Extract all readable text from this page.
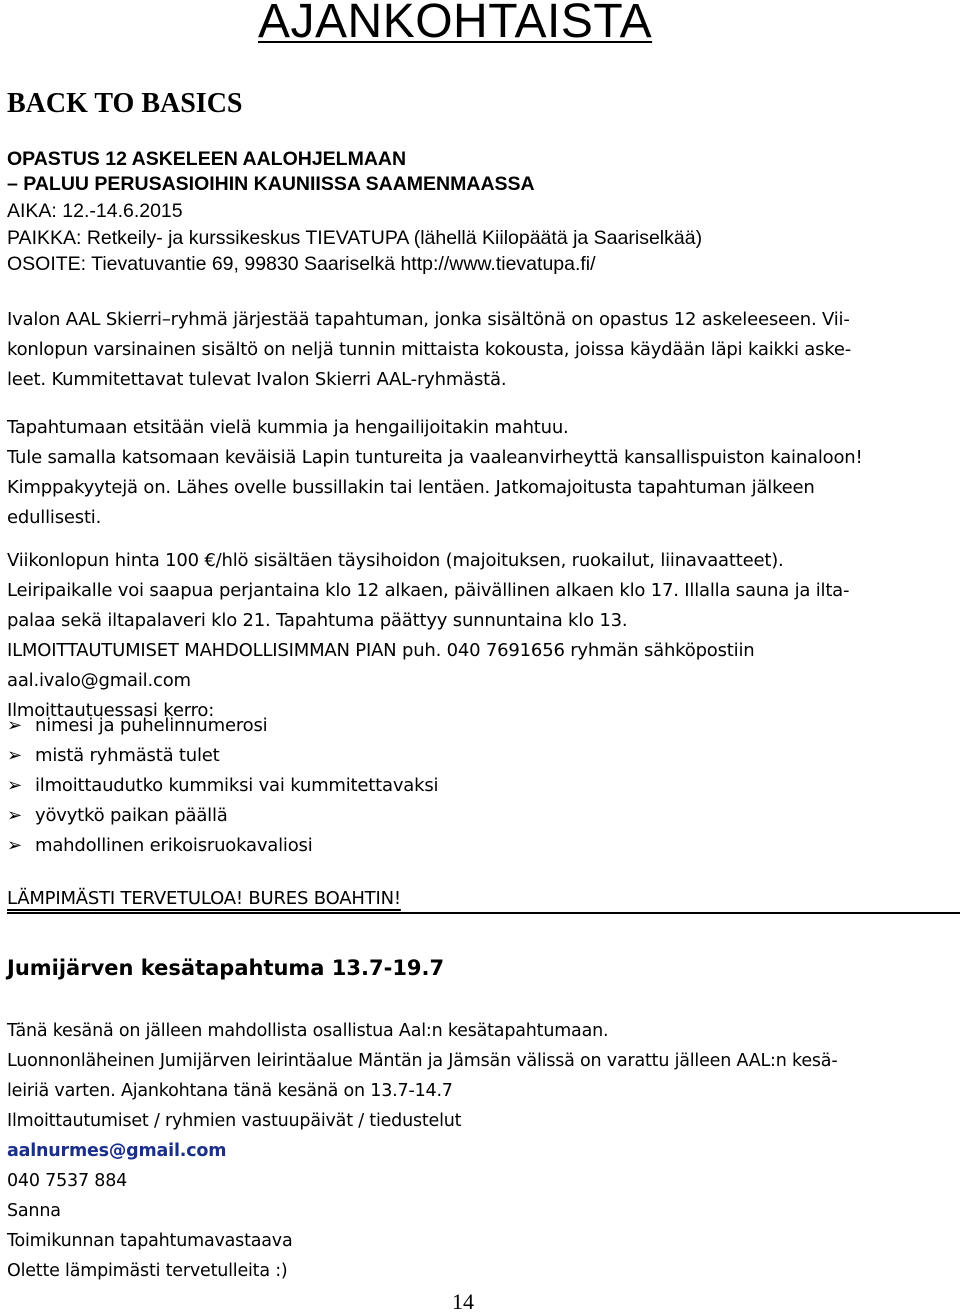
AJANKOHTAISTA
BACK TO BASICS
OPASTUS 12 ASKELEEN AALOHJELMAAN
– PALUU PERUSASIOIHIN KAUNIISSA SAAMENMAASSA
AIKA: 12.-14.6.2015
PAIKKA: Retkeily- ja kurssikeskus TIEVATUPA (lähellä Kiilopäätä ja Saariselkää)
OSOITE: Tievatuvantie 69, 99830 Saariselkä http://www.tievatupa.fi/
Ivalon AAL Skierri–ryhmä järjestää tapahtuman, jonka sisältönä on opastus 12 askeleeseen. Vii-
konlopun varsinainen sisältö on neljä tunnin mittaista kokousta, joissa käydään läpi kaikki aske-
leet. Kummitettavat tulevat Ivalon Skierri AAL-ryhmästä.
Tapahtumaan etsitään vielä kummia ja hengailijoitakin mahtuu.
Tule samalla katsomaan keväisiä Lapin tuntureita ja vaaleanvirheyttä kansallispuiston kainaloon!
Kimppakyytejä on. Lähes ovelle bussillakin tai lentäen. Jatkomajoitusta tapahtuman jälkeen
edullisesti.
Viikonlopun hinta 100 €/hlö sisältäen täysihoidon (majoituksen, ruokailut, liinavaatteet).
Leiripaikalle voi saapua perjantaina klo 12 alkaen, päivällinen alkaen klo 17. Illalla sauna ja ilta-
palaa sekä iltapalaveri klo 21. Tapahtuma päättyy sunnuntaina klo 13.
ILMOITTAUTUMISET MAHDOLLISIMMAN PIAN puh. 040 7691656 ryhmän sähköpostiin
aal.ivalo@gmail.com
Ilmoittautuessasi kerro:
➢ nimesi ja puhelinnumerosi
➢ mistä ryhmästä tulet
➢ ilmoittaudutko kummiksi vai kummitettavaksi
➢ yövytkö paikan päällä
➢ mahdollinen erikoisruokavaliosi
LÄMPIMÄSTI TERVETULOA! BURES BOAHTIN!
Jumijärven kesätapahtuma 13.7-19.7
Tänä kesänä on jälleen mahdollista osallistua Aal:n kesätapahtumaan.
Luonnonläheinen Jumijärven leirintäalue Mäntän ja Jämsän välissä on varattu jälleen AAL:n kesä-
leiriä varten. Ajankohtana tänä kesänä on 13.7-14.7
Ilmoittautumiset / ryhmien vastuupäivät / tiedustelut
aalnurmes@gmail.com
040 7537 884
Sanna
Toimikunnan tapahtumavastaava
Olette lämpimästi tervetulleita :)
14
